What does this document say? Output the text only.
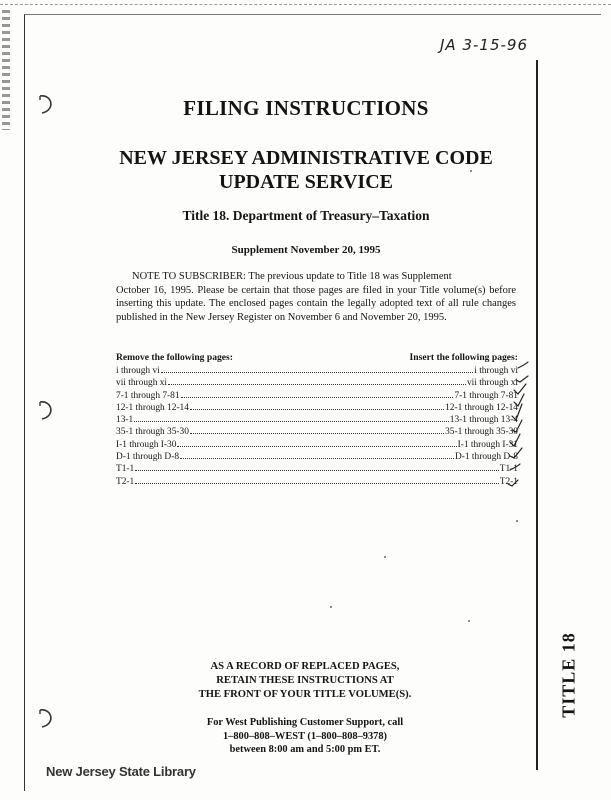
JA 3-15-96
FILING INSTRUCTIONS
NEW JERSEY ADMINISTRATIVE CODE
UPDATE SERVICE
Title 18. Department of Treasury–Taxation
Supplement November 20, 1995
NOTE TO SUBSCRIBER: The previous update to Title 18 was Supplement
October 16, 1995. Please be certain that those pages are filed in your Title volume(s) before inserting this update. The enclosed pages contain the legally adopted text of all rule changes published in the New Jersey Register on November 6 and November 20, 1995.
Remove the following pages:	Insert the following pages:
i through vi	i through vi
vii through xi	vii through xi
7-1 through 7-81	7-1 through 7-81
12-1 through 12-14	12-1 through 12-14
13-1	13-1 through 13-4
35-1 through 35-30	35-1 through 35-30
I-1 through I-30	I-1 through I-31
D-1 through D-8	D-1 through D-8
T1-1	T1-1
T2-1	T2-1
TITLE 18
AS A RECORD OF REPLACED PAGES,
RETAIN THESE INSTRUCTIONS AT
THE FRONT OF YOUR TITLE VOLUME(S).
For West Publishing Customer Support, call
1–800–808–WEST (1–800–808–9378)
between 8:00 am and 5:00 pm ET.
New Jersey State Library
